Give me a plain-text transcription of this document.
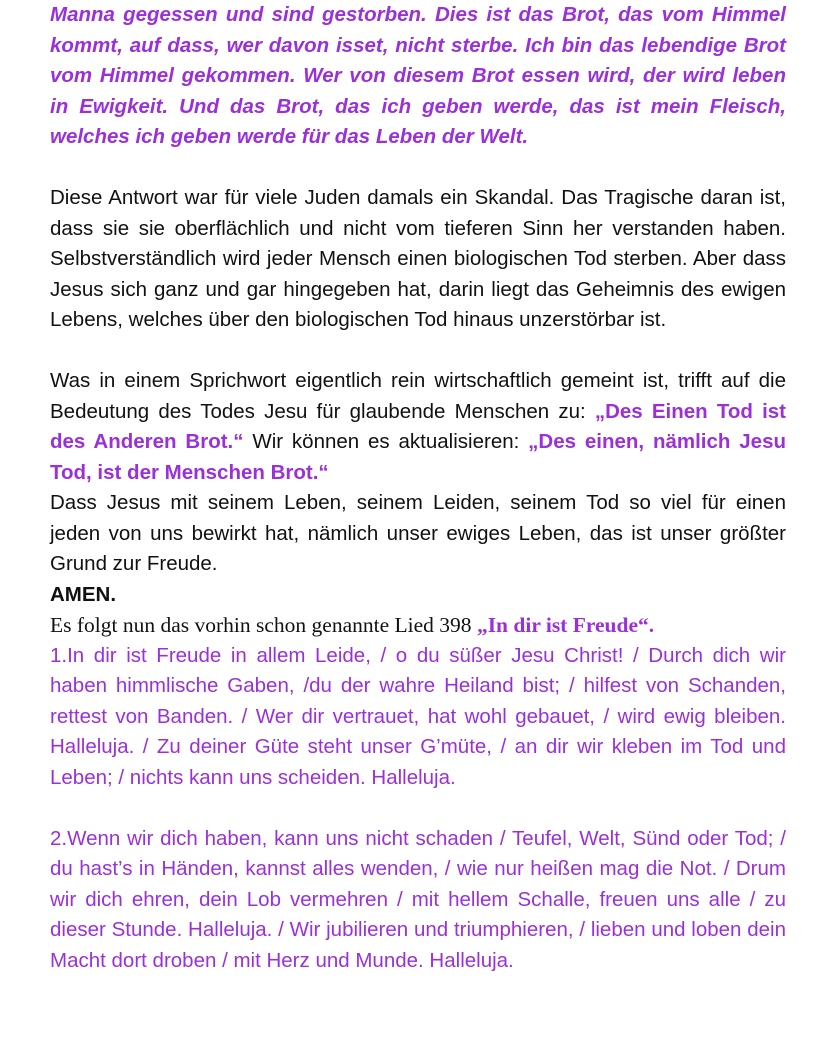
Manna gegessen und sind gestorben. Dies ist das Brot, das vom Himmel kommt, auf dass, wer davon isset, nicht sterbe. Ich bin das lebendige Brot vom Himmel gekommen. Wer von diesem Brot essen wird, der wird leben in Ewigkeit. Und das Brot, das ich geben werde, das ist mein Fleisch, welches ich geben werde für das Leben der Welt.

Diese Antwort war für viele Juden damals ein Skandal. Das Tragische daran ist, dass sie sie oberflächlich und nicht vom tieferen Sinn her verstanden haben. Selbstverständlich wird jeder Mensch einen biologischen Tod sterben. Aber dass Jesus sich ganz und gar hingegeben hat, darin liegt das Geheimnis des ewigen Lebens, welches über den biologischen Tod hinaus unzerstörbar ist.

Was in einem Sprichwort eigentlich rein wirtschaftlich gemeint ist, trifft auf die Bedeutung des Todes Jesu für glaubende Menschen zu: „Des Einen Tod ist des Anderen Brot.“ Wir können es aktualisieren: „Des einen, nämlich Jesu Tod, ist der Menschen Brot.“

Dass Jesus mit seinem Leben, seinem Leiden, seinem Tod so viel für einen jeden von uns bewirkt hat, nämlich unser ewiges Leben, das ist unser größter Grund zur Freude.

AMEN.

Es folgt nun das vorhin schon genannte Lied 398 „In dir ist Freude“.

1.In dir ist Freude in allem Leide, / o du süßer Jesu Christ! / Durch dich wir haben himmlische Gaben, /du der wahre Heiland bist; / hilfest von Schanden, rettest von Banden. / Wer dir vertrauet, hat wohl gebauet, / wird ewig bleiben. Halleluja. / Zu deiner Güte steht unser G’müte, / an dir wir kleben im Tod und Leben; / nichts kann uns scheiden. Halleluja.

2.Wenn wir dich haben, kann uns nicht schaden / Teufel, Welt, Sünd oder Tod; / du hast’s in Händen, kannst alles wenden, / wie nur heißen mag die Not. / Drum wir dich ehren, dein Lob vermehren / mit hellem Schalle, freuen uns alle / zu dieser Stunde. Halleluja. / Wir jubilieren und triumphieren, / lieben und loben dein Macht dort droben / mit Herz und Munde. Halleluja.
